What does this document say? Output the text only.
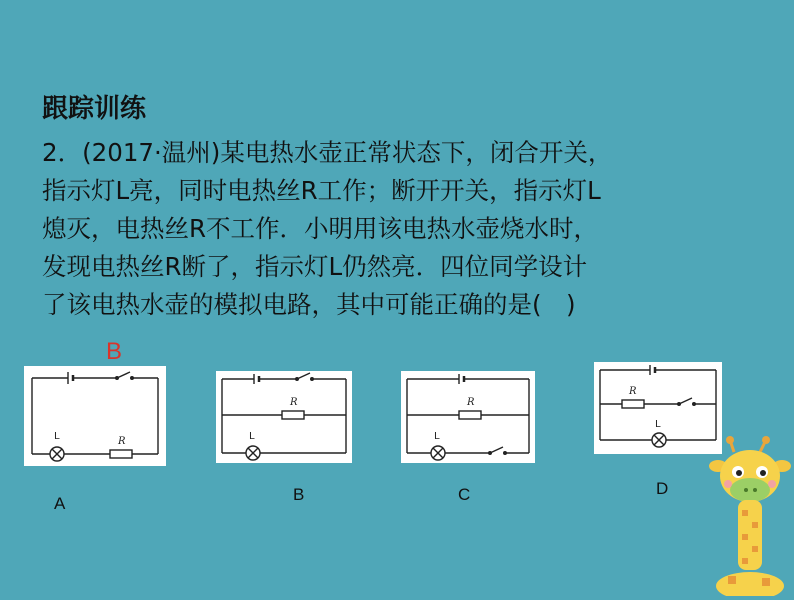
跟踪训练
2．(2017·温州)某电热水壶正常状态下，闭合开关，
指示灯L亮，同时电热丝R工作；断开开关，指示灯L
熄灭，电热丝R不工作．小明用该电热水壶烧水时，
发现电热丝R断了，指示灯L仍然亮．四位同学设计
了该电热水壶的模拟电路，其中可能正确的是(　)
B
L	R
A
L
R
B
L
R
C
L
R
D
